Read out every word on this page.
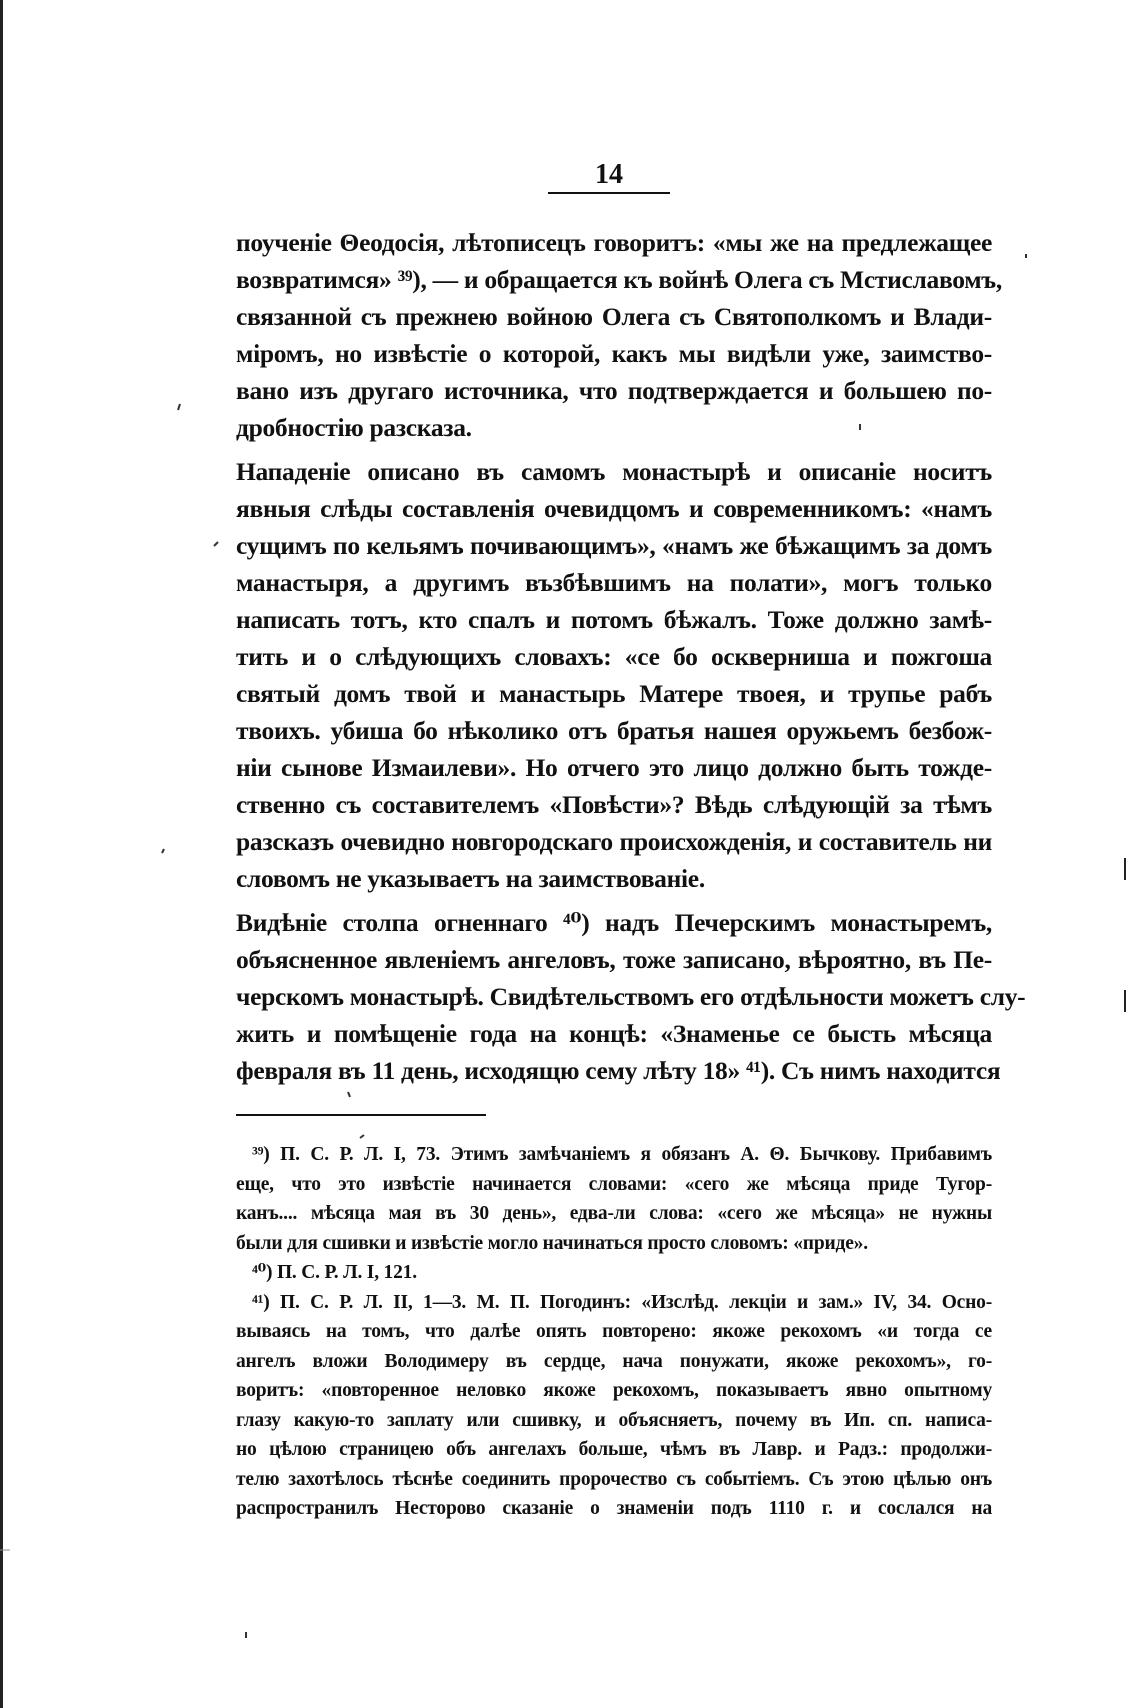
14
поученіе Θеодосія, лѣтописецъ говоритъ: «мы же на предлежащее
возвратимся» ³⁹), — и обращается къ войнѣ Олега съ Мстиславомъ,
связанной съ прежнею войною Олега съ Святополкомъ и Влади-
міромъ, но извѣстіе о которой, какъ мы видѣли уже, заимство-
вано изъ другаго источника, что подтверждается и большею по-
дробностію разсказа.
Нападеніе описано въ самомъ монастырѣ и описаніе носитъ
явныя слѣды составленія очевидцомъ и современникомъ: «намъ
сущимъ по кельямъ почивающимъ», «намъ же бѣжащимъ за домъ
манастыря, а другимъ възбѣвшимъ на полати», могъ только
написать тотъ, кто спалъ и потомъ бѣжалъ. Тоже должно замѣ-
тить и о слѣдующихъ словахъ: «се бо осквернишa и пожгоша
святый домъ твой и манастырь Матере твоея, и трупье рабъ
твоихъ. убиша бо нѣколико отъ братья нашея оружьемъ безбож-
ніи сынове Измаилеви». Но отчего это лицо должно быть тожде-
ственно съ составителемъ «Повѣсти»? Вѣдь слѣдующій за тѣмъ
разсказъ очевидно новгородскаго происхожденія, и составитель ни
словомъ не указываетъ на заимствованіе.
Видѣніе столпа огненнаго ⁴⁰) надъ Печерскимъ монастыремъ,
объясненное явленіемъ ангеловъ, тоже записано, вѣроятно, въ Пе-
черскомъ монастырѣ. Свидѣтельствомъ его отдѣльности можетъ слу-
жить и помѣщеніе года на концѣ: «Знаменье се бысть мѣсяца
февраля въ 11 день, исходящю сему лѣту 18» ⁴¹). Съ нимъ находится
³⁹) П. С. Р. Л. I, 73. Этимъ замѣчаніемъ я обязанъ А. Θ. Бычкову. Прибавимъ
еще, что это извѣстіе начинается словами: «сего же мѣсяца приде Тугор-
канъ.... мѣсяца мая въ 30 день», едва-ли слова: «сего же мѣсяца» не нужны
были для сшивки и извѣстіе могло начинаться просто словомъ: «приде».
⁴⁰) П. С. Р. Л. I, 121.
⁴¹) П. С. Р. Л. II, 1—3. М. П. Погодинъ: «Изслѣд. лекціи и зам.» IV, 34. Осно-
вываясь на томъ, что далѣе опять повторено: якоже рекохомъ «и тогда се
ангелъ вложи Володимеру въ сердце, нача понужати, якоже рекохомъ», го-
воритъ: «повторенное неловко якоже рекохомъ, показываетъ явно опытному
глазу какую-то заплату или сшивку, и объясняетъ, почему въ Ип. сп. написа-
но цѣлою страницею объ ангелахъ больше, чѣмъ въ Лавр. и Радз.: продолжи-
телю захотѣлось тѣснѣе соединить пророчество съ событіемъ. Съ этою цѣлью онъ
распространилъ Несторово сказаніе о знаменіи подъ 1110 г. и сослался на
